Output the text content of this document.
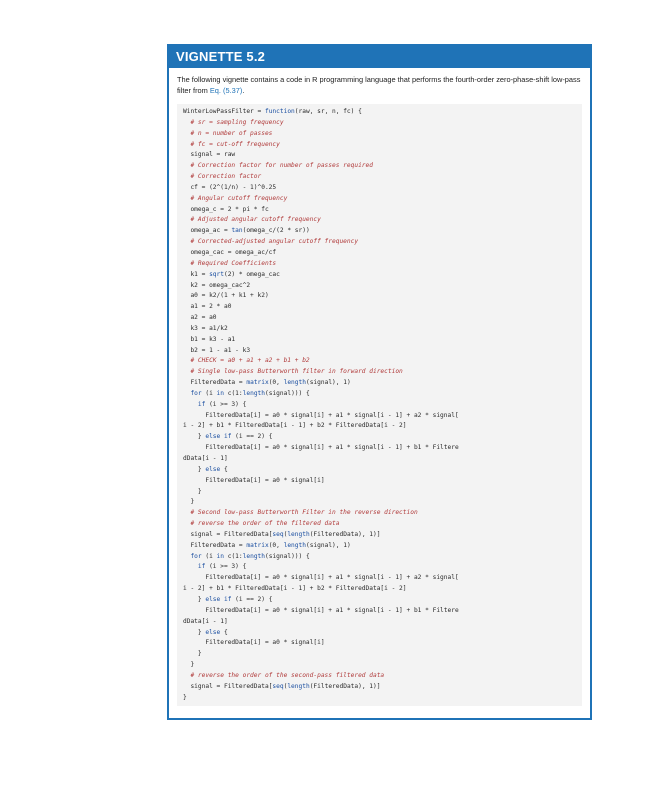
VIGNETTE 5.2

The following vignette contains a code in R programming language that performs the fourth-order zero-phase-shift low-pass filter from Eq. (5.37).

WinterLowPassFilter = function(raw, sr, n, fc) {
# sr = sampling frequency
# n = number of passes
# fc = cut-off frequency
signal = raw
# Correction factor for number of passes required
# Correction factor
cf = (2^(1/n) - 1)^0.25
# Angular cutoff frequency
omega_c = 2 * pi * fc
# Adjusted angular cutoff frequency
omega_ac = tan(omega_c/(2 * sr))
# Corrected-adjusted angular cutoff frequency
omega_cac = omega_ac/cf
# Required Coefficients
k1 = sqrt(2) * omega_cac
k2 = omega_cac^2
a0 = k2/(1 + k1 + k2)
a1 = 2 * a0
a2 = a0
k3 = a1/k2
b1 = k3 - a1
b2 = 1 - a1 - k3
# CHECK = a0 + a1 + a2 + b1 + b2
# Single low-pass Butterworth filter in forward direction
FilteredData = matrix(0, length(signal), 1)
for (i in c(1:length(signal))) {
if (i >= 3) {
FilteredData[i] = a0 * signal[i] + a1 * signal[i - 1] + a2 * signal[
i - 2] + b1 * FilteredData[i - 1] + b2 * FilteredData[i - 2]
} else if (i == 2) {
FilteredData[i] = a0 * signal[i] + a1 * signal[i - 1] + b1 * Filtere
dData[i - 1]
} else {
FilteredData[i] = a0 * signal[i]
}
}
# Second low-pass Butterworth Filter in the reverse direction
# reverse the order of the filtered data
signal = FilteredData[seq(length(FilteredData), 1)]
FilteredData = matrix(0, length(signal), 1)
for (i in c(1:length(signal))) {
if (i >= 3) {
FilteredData[i] = a0 * signal[i] + a1 * signal[i - 1] + a2 * signal[
i - 2] + b1 * FilteredData[i - 1] + b2 * FilteredData[i - 2]
} else if (i == 2) {
FilteredData[i] = a0 * signal[i] + a1 * signal[i - 1] + b1 * Filtere
dData[i - 1]
} else {
FilteredData[i] = a0 * signal[i]
}
}
# reverse the order of the second-pass filtered data
signal = FilteredData[seq(length(FilteredData), 1)]
}
